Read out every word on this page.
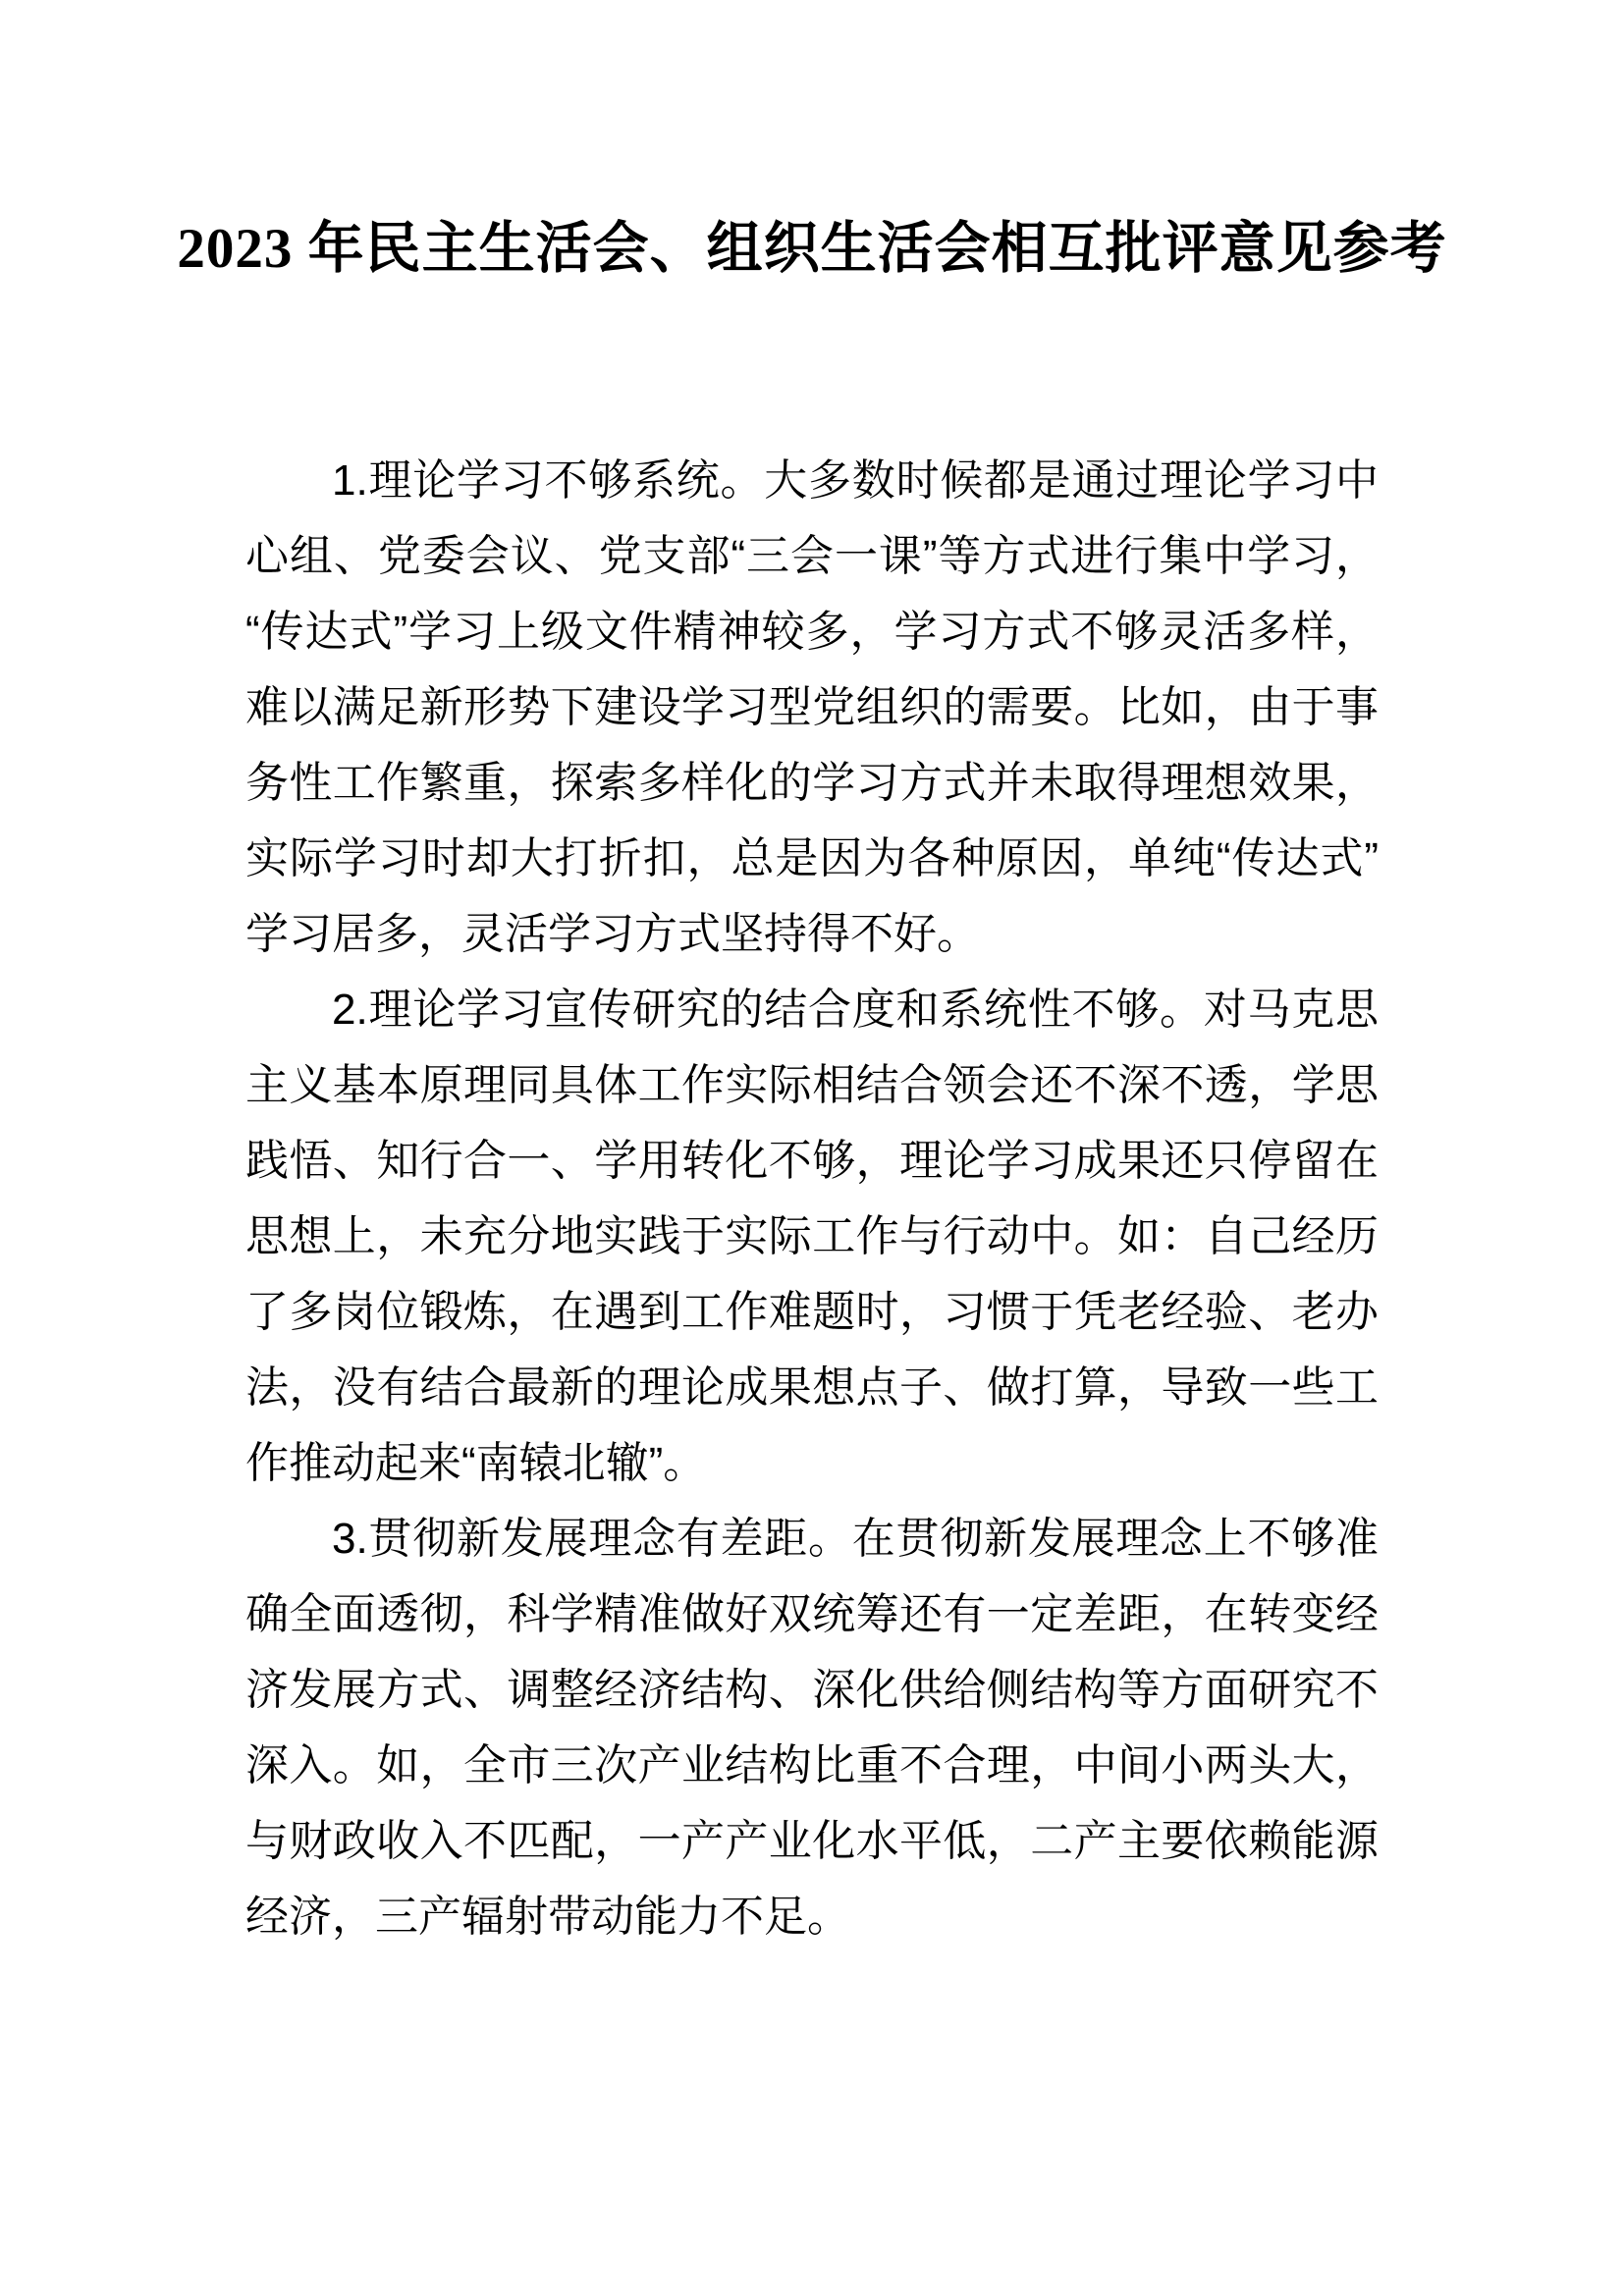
2023 年民主生活会、组织生活会相互批评意见参考

1.理论学习不够系统。大多数时候都是通过理论学习中心组、党委会议、党支部“三会一课”等方式进行集中学习，“传达式”学习上级文件精神较多，学习方式不够灵活多样，难以满足新形势下建设学习型党组织的需要。比如，由于事务性工作繁重，探索多样化的学习方式并未取得理想效果，实际学习时却大打折扣，总是因为各种原因，单纯“传达式”学习居多，灵活学习方式坚持得不好。

2.理论学习宣传研究的结合度和系统性不够。对马克思主义基本原理同具体工作实际相结合领会还不深不透，学思践悟、知行合一、学用转化不够，理论学习成果还只停留在思想上，未充分地实践于实际工作与行动中。如：自己经历了多岗位锻炼，在遇到工作难题时，习惯于凭老经验、老办法，没有结合最新的理论成果想点子、做打算，导致一些工作推动起来“南辕北辙”。

3.贯彻新发展理念有差距。在贯彻新发展理念上不够准确全面透彻，科学精准做好双统筹还有一定差距，在转变经济发展方式、调整经济结构、深化供给侧结构等方面研究不深入。如，全市三次产业结构比重不合理，中间小两头大，与财政收入不匹配，一产产业化水平低，二产主要依赖能源经济，三产辐射带动能力不足。
